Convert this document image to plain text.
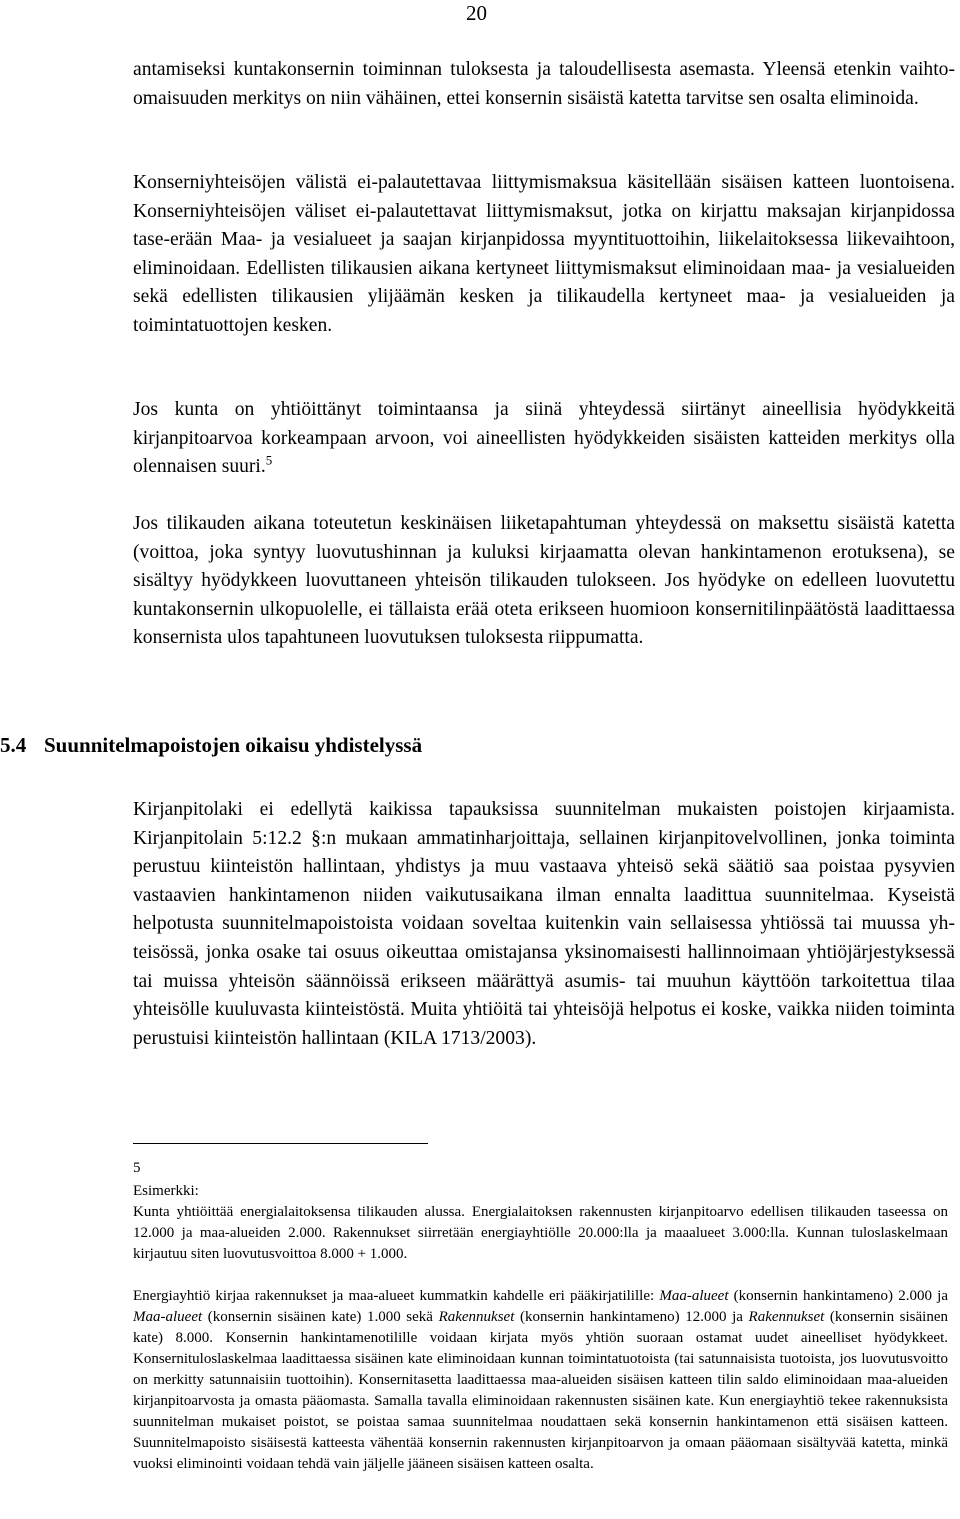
20

antamiseksi kuntakonsernin toiminnan tuloksesta ja taloudellisesta asemasta. Yleensä etenkin vaihto-omaisuuden merkitys on niin vähäinen, ettei konsernin sisäistä katetta tarvitse sen osalta eliminoida.

Konserniyhteisöjen välistä ei-palautettavaa liittymismaksua käsitellään sisäisen katteen luontoisena. Konserniyhteisöjen väliset ei-palautettavat liittymismaksut, jotka on kirjattu maksajan kirjanpidossa tase-erään Maa- ja vesialueet ja saajan kirjanpidossa myyntituottoihin, liikelaitoksessa liikevaihtoon, eliminoidaan. Edellisten tilikausien aikana kertyneet liittymismaksut eliminoidaan maa- ja vesialueiden sekä edellisten tilikausien ylijäämän kesken ja tilikaudella kertyneet maa- ja vesialueiden ja toimintatuottojen kesken.

Jos kunta on yhtiöittänyt toimintaansa ja siinä yhteydessä siirtänyt aineellisia hyödykkeitä kirjanpitoarvoa korkeampaan arvoon, voi aineellisten hyödykkeiden sisäisten katteiden merkitys olla olennaisen suuri.$^5$

Jos tilikauden aikana toteutetun keskinäisen liiketapahtuman yhteydessä on maksettu sisäistä katetta (voittoa, joka syntyy luovutushinnan ja kuluksi kirjaamatta olevan hankintamenon erotuksena), se sisältyy hyödykkeen luovuttaneen yhteisön tilikauden tulokseen. Jos hyödyke on edelleen luovutettu kuntakonsernin ulkopuolelle, ei tällaista erää oteta erikseen huomioon konsernitilinpäätöstä laadittaessa konsernista ulos tapahtuneen luovutuksen tuloksesta riippumatta.

5.4 Suunnitelmapoistojen oikaisu yhdistelyssä

Kirjanpitolaki ei edellytä kaikissa tapauksissa suunnitelman mukaisten poistojen kirjaamista. Kirjanpitolain 5:12.2 §:n mukaan ammatinharjoittaja, sellainen kirjanpitovelvollinen, jonka toiminta perustuu kiinteistön hallintaan, yhdistys ja muu vastaava yhteisö sekä säätiö saa poistaa pysyvien vastaavien hankintamenon niiden vaikutusaikana ilman ennalta laadittua suunnitelmaa. Kyseistä helpotusta suunnitelmapoistoista voidaan soveltaa kuitenkin vain sellaisessa yhtiössä tai muussa yhteisössä, jonka osake tai osuus oikeuttaa omistajansa yksinomaisesti hallinnoimaan yhtiöjärjestyksessä tai muissa yhteisön säännöissä erikseen määrättyä asumis- tai muuhun käyttöön tarkoitettua tilaa yhteisölle kuuluvasta kiinteistöstä. Muita yhtiöitä tai yhteisöjä helpotus ei koske, vaikka niiden toiminta perustuisi kiinteistön hallintaan (KILA 1713/2003).

5

Esimerkki:

Kunta yhtiöittää energialaitoksensa tilikauden alussa. Energialaitoksen rakennusten kirjanpitoarvo edellisen tilikauden taseessa on 12.000 ja maa-alueiden 2.000. Rakennukset siirretään energiayhtiölle 20.000:lla ja maaalueet 3.000:lla. Kunnan tuloslaskelmaan kirjautuu siten luovutusvoittoa 8.000 + 1.000.

Energiayhtiö kirjaa rakennukset ja maa-alueet kummatkin kahdelle eri pääkirjatilille: Maa-alueet (konsernin hankintameno) 2.000 ja Maa-alueet (konsernin sisäinen kate) 1.000 sekä Rakennukset (konsernin hankintameno) 12.000 ja Rakennukset (konsernin sisäinen kate) 8.000. Konsernin hankintamenotilille voidaan kirjata myös yhtiön suoraan ostamat uudet aineelliset hyödykkeet. Konsernituloslaskelmaa laadittaessa sisäinen kate eliminoidaan kunnan toimintatuotoista (tai satunnaisista tuotoista, jos luovutusvoitto on merkitty satunnaisiin tuottoihin). Konsernitasetta laadittaessa maa-alueiden sisäisen katteen tilin saldo eliminoidaan maa-alueiden kirjanpitoarvosta ja omasta pääomasta. Samalla tavalla eliminoidaan rakennusten sisäinen kate. Kun energiayhtiö tekee rakennuksista suunnitelman mukaiset poistot, se poistaa samaa suunnitelmaa noudattaen sekä konsernin hankintamenon että sisäisen katteen. Suunnitelmapoisto sisäisestä katteesta vähentää konsernin rakennusten kirjanpitoarvon ja omaan pääomaan sisältyvää katetta, minkä vuoksi eliminointi voidaan tehdä vain jäljelle jääneen sisäisen katteen osalta.
